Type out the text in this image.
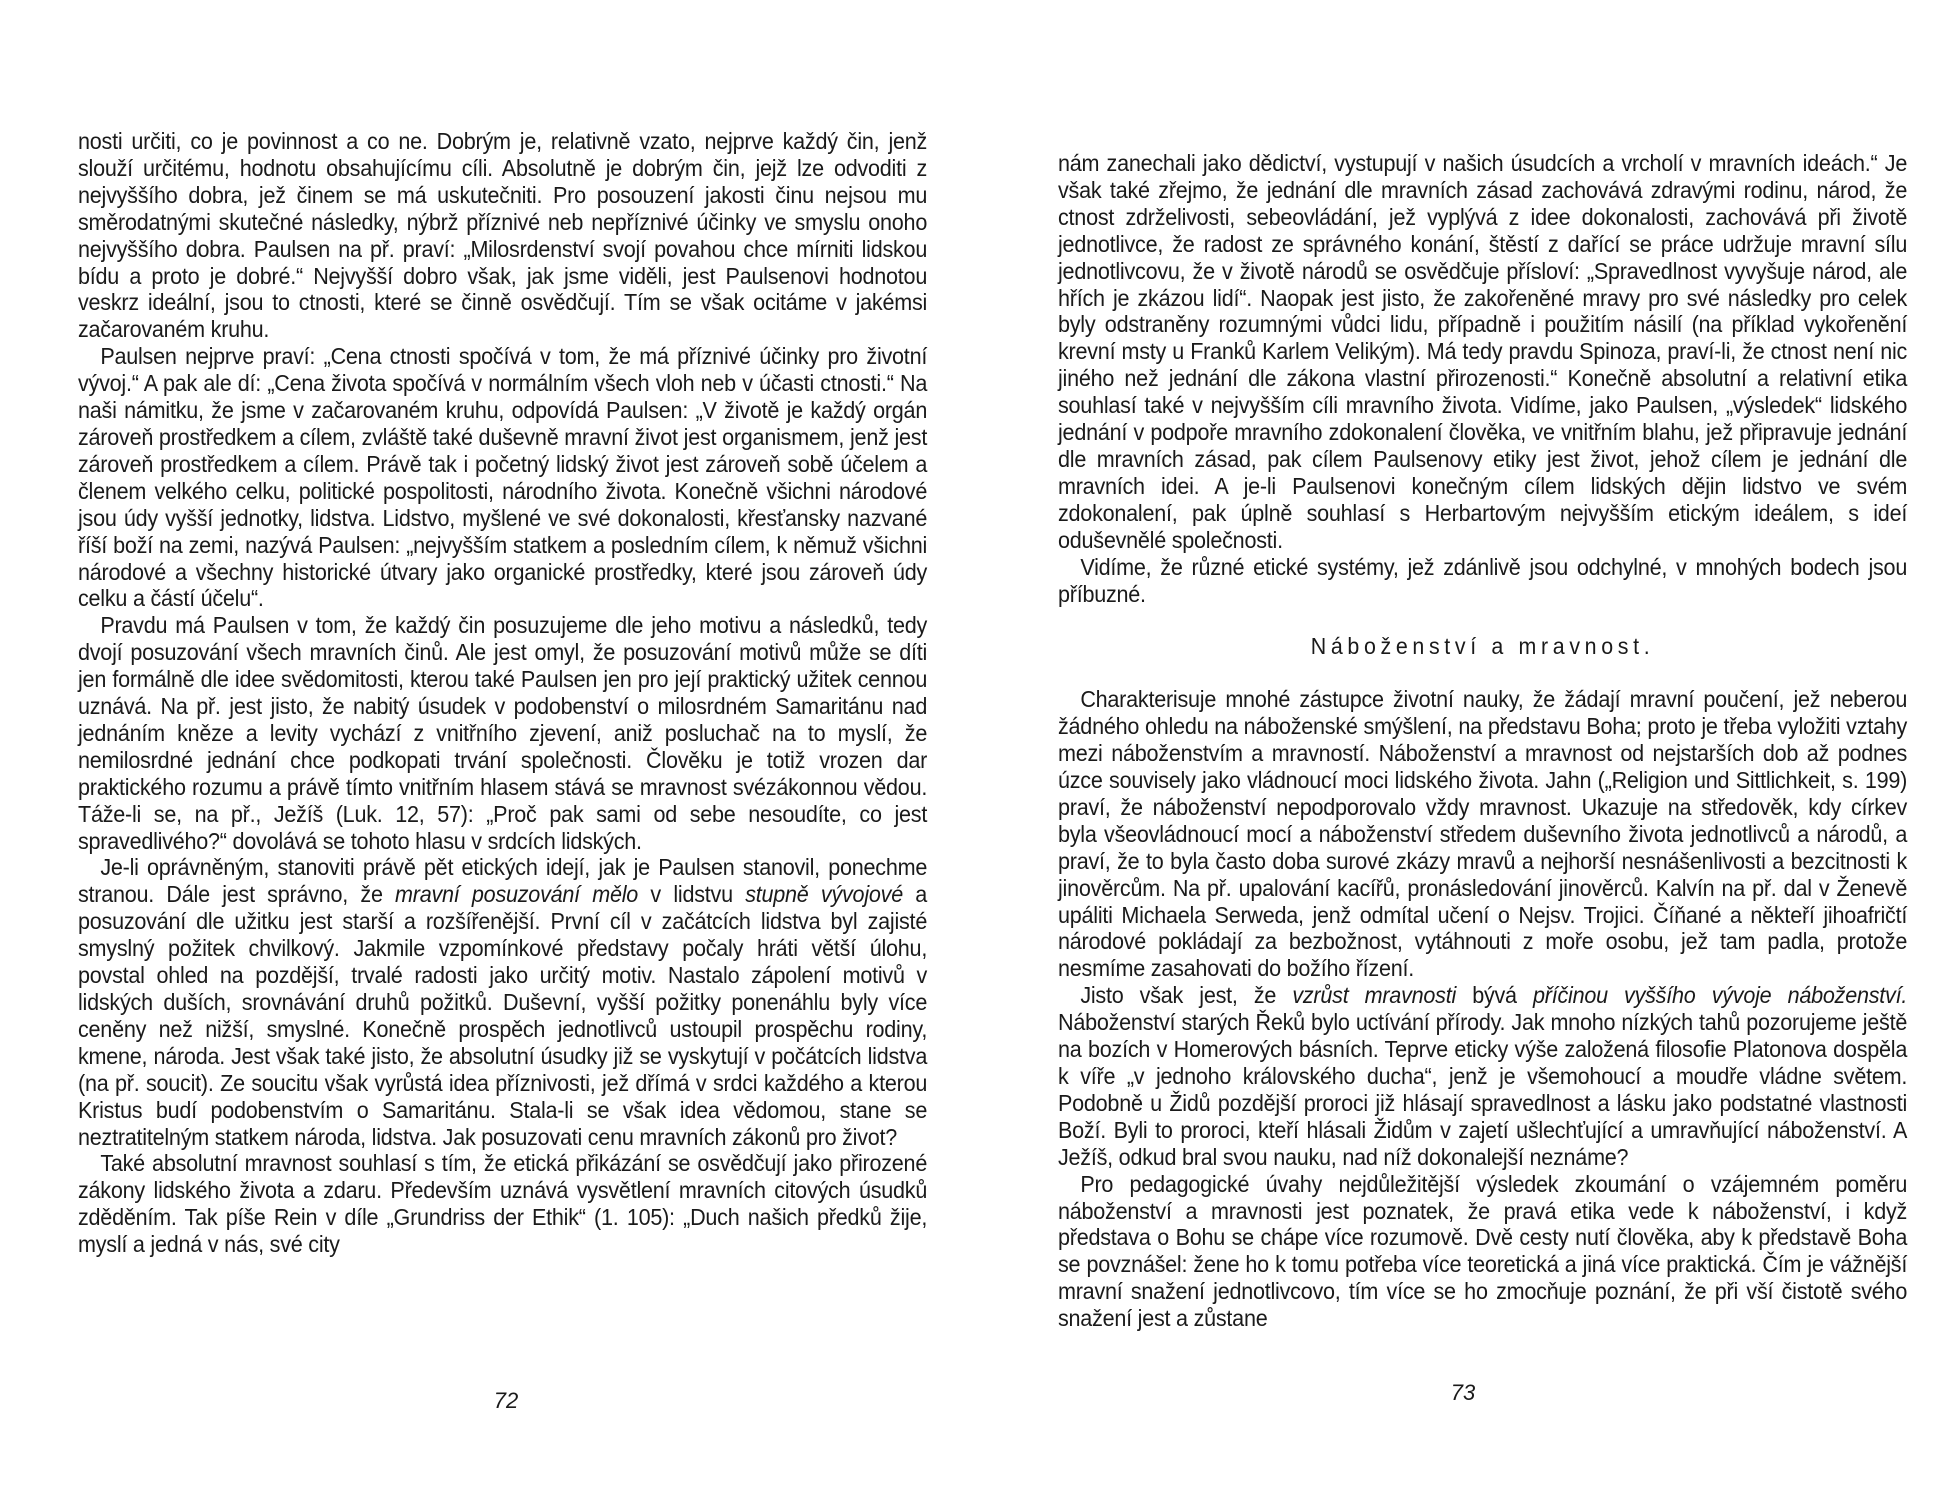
nosti určiti, co je povinnost a co ne. Dobrým je, relativně vzato, nejprve každý čin, jenž slouží určitému, hodnotu obsahujícímu cíli. Absolutně je dobrým čin, jejž lze odvoditi z nejvyššího dobra, jež činem se má uskutečniti. Pro posouzení jakosti činu nejsou mu směrodatnými skutečné následky, nýbrž příznivé neb nepříznivé účinky ve smyslu onoho nejvyššího dobra. Paulsen na př. praví: „Milosrdenství svojí povahou chce mírniti lidskou bídu a proto je dobré.“ Nejvyšší dobro však, jak jsme viděli, jest Paulsenovi hodnotou veskrz ideální, jsou to ctnosti, které se činně osvědčují. Tím se však ocitáme v jakémsi začarovaném kruhu.

Paulsen nejprve praví: „Cena ctnosti spočívá v tom, že má příznivé účinky pro životní vývoj.“ A pak ale dí: „Cena života spočívá v normálním všech vloh neb v účasti ctnosti.“ Na naši námitku, že jsme v začarovaném kruhu, odpovídá Paulsen: „V životě je každý orgán zároveň prostředkem a cílem, zvláště také duševně mravní život jest organismem, jenž jest zároveň prostředkem a cílem. Právě tak i početný lidský život jest zároveň sobě účelem a členem velkého celku, politické pospolitosti, národního života. Konečně všichni národové jsou údy vyšší jednotky, lidstva. Lidstvo, myšlené ve své dokonalosti, křesťansky nazvané říší boží na zemi, nazývá Paulsen: „nejvyšším statkem a posledním cílem, k němuž všichni národové a všechny historické útvary jako organické prostředky, které jsou zároveň údy celku a částí účelu“.

Pravdu má Paulsen v tom, že každý čin posuzujeme dle jeho motivu a následků, tedy dvojí posuzování všech mravních činů. Ale jest omyl, že posuzování motivů může se díti jen formálně dle idee svědomitosti, kterou také Paulsen jen pro její praktický užitek cennou uznává. Na př. jest jisto, že nabitý úsudek v podobenství o milosrdném Samaritánu nad jednáním kněze a levity vychází z vnitřního zjevení, aniž posluchač na to myslí, že nemilosrdné jednání chce podkopati trvání společnosti. Člověku je totiž vrozen dar praktického rozumu a právě tímto vnitřním hlasem stává se mravnost svézákonnou vědou. Táže-li se, na př., Ježíš (Luk. 12, 57): „Proč pak sami od sebe nesoudíte, co jest spravedlivého?“ dovolává se tohoto hlasu v srdcích lidských.

Je-li oprávněným, stanoviti právě pět etických idejí, jak je Paulsen stanovil, ponechme stranou. Dále jest správno, že mravní posuzování mělo v lidstvu stupně vývojové a posuzování dle užitku jest starší a rozšířenější. První cíl v začátcích lidstva byl zajisté smyslný požitek chvilkový. Jakmile vzpomínkové představy počaly hráti větší úlohu, povstal ohled na pozdější, trvalé radosti jako určitý motiv. Nastalo zápolení motivů v lidských duších, srovnávání druhů požitků. Duševní, vyšší požitky ponenáhlu byly více ceněny než nižší, smyslné. Konečně prospěch jednotlivců ustoupil prospěchu rodiny, kmene, národa. Jest však také jisto, že absolutní úsudky již se vyskytují v počátcích lidstva (na př. soucit). Ze soucitu však vyrůstá idea příznivosti, jež dřímá v srdci každého a kterou Kristus budí podobenstvím o Samaritánu. Stala-li se však idea vědomou, stane se neztratitelným statkem národa, lidstva. Jak posuzovati cenu mravních zákonů pro život?

Také absolutní mravnost souhlasí s tím, že etická přikázání se osvědčují jako přirozené zákony lidského života a zdaru. Především uznává vysvětlení mravních citových úsudků zděděním. Tak píše Rein v díle „Grundriss der Ethik“ (1. 105): „Duch našich předků žije, myslí a jedná v nás, své city

72

nám zanechali jako dědictví, vystupují v našich úsudcích a vrcholí v mravních ideách.“ Je však také zřejmo, že jednání dle mravních zásad zachovává zdravými rodinu, národ, že ctnost zdrželivosti, sebeovládání, jež vyplývá z idee dokonalosti, zachovává při životě jednotlivce, že radost ze správného konání, štěstí z dařící se práce udržuje mravní sílu jednotlivcovu, že v životě národů se osvědčuje přísloví: „Spravedlnost vyvyšuje národ, ale hřích je zkázou lidí“. Naopak jest jisto, že zakořeněné mravy pro své následky pro celek byly odstraněny rozumnými vůdci lidu, případně i použitím násilí (na příklad vykořenění krevní msty u Franků Karlem Velikým). Má tedy pravdu Spinoza, praví-li, že ctnost není nic jiného než jednání dle zákona vlastní přirozenosti.“ Konečně absolutní a relativní etika souhlasí také v nejvyšším cíli mravního života. Vidíme, jako Paulsen, „výsledek“ lidského jednání v podpoře mravního zdokonalení člověka, ve vnitřním blahu, jež připravuje jednání dle mravních zásad, pak cílem Paulsenovy etiky jest život, jehož cílem je jednání dle mravních idei. A je-li Paulsenovi konečným cílem lidských dějin lidstvo ve svém zdokonalení, pak úplně souhlasí s Herbartovým nejvyšším etickým ideálem, s ideí oduševnělé společnosti.

Vidíme, že různé etické systémy, jež zdánlivě jsou odchylné, v mnohých bodech jsou příbuzné.

Náboženství a mravnost.

Charakterisuje mnohé zástupce životní nauky, že žádají mravní poučení, jež neberou žádného ohledu na náboženské smýšlení, na představu Boha; proto je třeba vyložiti vztahy mezi náboženstvím a mravností. Náboženství a mravnost od nejstarších dob až podnes úzce souvisely jako vládnoucí moci lidského života. Jahn („Religion und Sittlichkeit, s. 199) praví, že náboženství nepodporovalo vždy mravnost. Ukazuje na středověk, kdy církev byla všeovládnoucí mocí a náboženství středem duševního života jednotlivců a národů, a praví, že to byla často doba surové zkázy mravů a nejhorší nesnášenlivosti a bezcitnosti k jinověrcům. Na př. upalování kacířů, pronásledování jinověrců. Kalvín na př. dal v Ženevě upáliti Michaela Serweda, jenž odmítal učení o Nejsv. Trojici. Číňané a někteří jihoafričtí národové pokládají za bezbožnost, vytáhnouti z moře osobu, jež tam padla, protože nesmíme zasahovati do božího řízení.

Jisto však jest, že vzrůst mravnosti bývá příčinou vyššího vývoje náboženství. Náboženství starých Řeků bylo uctívání přírody. Jak mnoho nízkých tahů pozorujeme ještě na bozích v Homerových básních. Teprve eticky výše založená filosofie Platonova dospěla k víře „v jednoho královského ducha“, jenž je všemohoucí a moudře vládne světem. Podobně u Židů pozdější proroci již hlásají spravedlnost a lásku jako podstatné vlastnosti Boží. Byli to proroci, kteří hlásali Židům v zajetí ušlechťující a umravňující náboženství. A Ježíš, odkud bral svou nauku, nad níž dokonalejší neznáme?

Pro pedagogické úvahy nejdůležitější výsledek zkoumání o vzájemném poměru náboženství a mravnosti jest poznatek, že pravá etika vede k náboženství, i když představa o Bohu se chápe více rozumově. Dvě cesty nutí člověka, aby k představě Boha se povznášel: žene ho k tomu potřeba více teoretická a jiná více praktická. Čím je vážnější mravní snažení jednotlivcovo, tím více se ho zmocňuje poznání, že při vší čistotě svého snažení jest a zůstane

73
